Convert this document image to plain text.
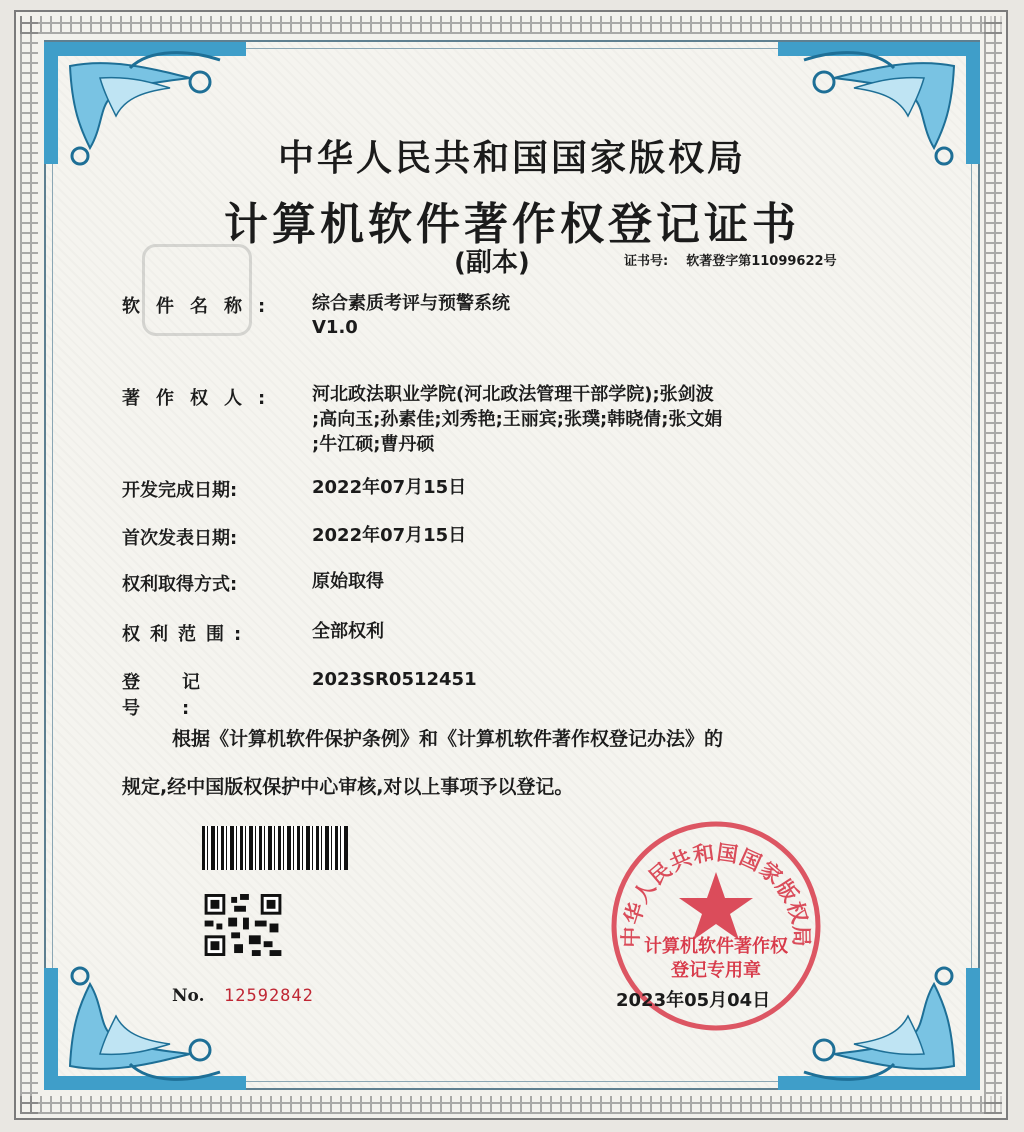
中华人民共和国国家版权局
计算机软件著作权登记证书
(副本)	证书号: 软著登字第11099622号
软件名称: 综合素质考评与预警系统
V1.0
著作权人: 河北政法职业学院(河北政法管理干部学院);张剑波
;高向玉;孙素佳;刘秀艳;王丽宾;张璞;韩晓倩;张文娟
;牛江硕;曹丹硕
开发完成日期:	2022年07月15日
首次发表日期:	2022年07月15日
权利取得方式:	原始取得
权利范围:	全部权利
登记号:
2023SR0512451
根据《计算机软件保护条例》和《计算机软件著作权登记办法》的
规定,经中国版权保护中心审核,对以上事项予以登记。
No. 12592842
中华人民共和国国家版权局
计算机软件著作权
登记专用章
2023年05月04日
